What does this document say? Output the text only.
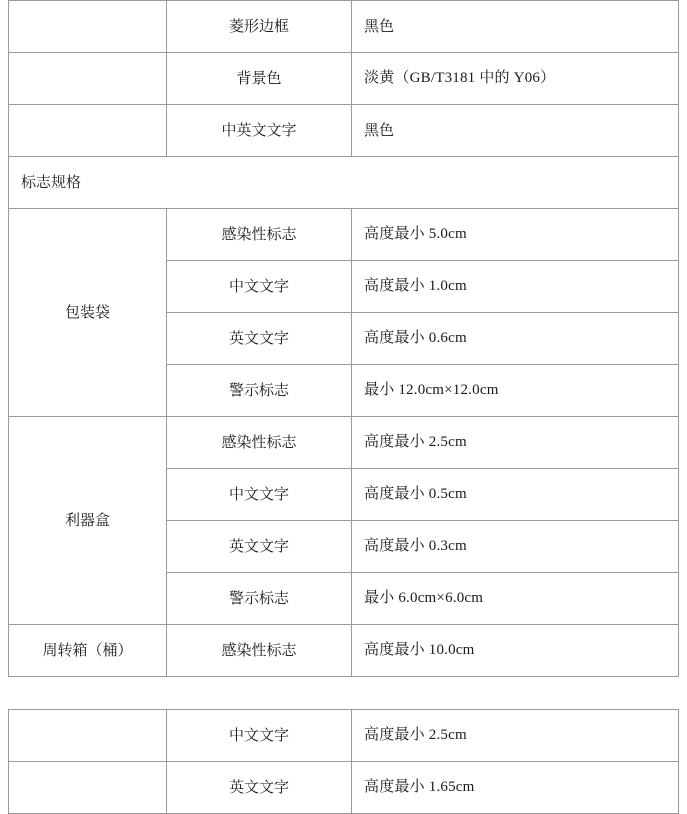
	菱形边框	黑色
	背景色	淡黄（GB/T3181 中的 Y06）
	中英文文字	黑色
标志规格		
包装袋	感染性标志	高度最小 5.0cm
	中文文字	高度最小 1.0cm
	英文文字	高度最小 0.6cm
	警示标志	最小 12.0cm×12.0cm
利器盒	感染性标志	高度最小 2.5cm
	中文文字	高度最小 0.5cm
	英文文字	高度最小 0.3cm
	警示标志	最小 6.0cm×6.0cm
周转箱（桶）	感染性标志	高度最小 10.0cm
	中文文字	高度最小 2.5cm
	英文文字	高度最小 1.65cm
